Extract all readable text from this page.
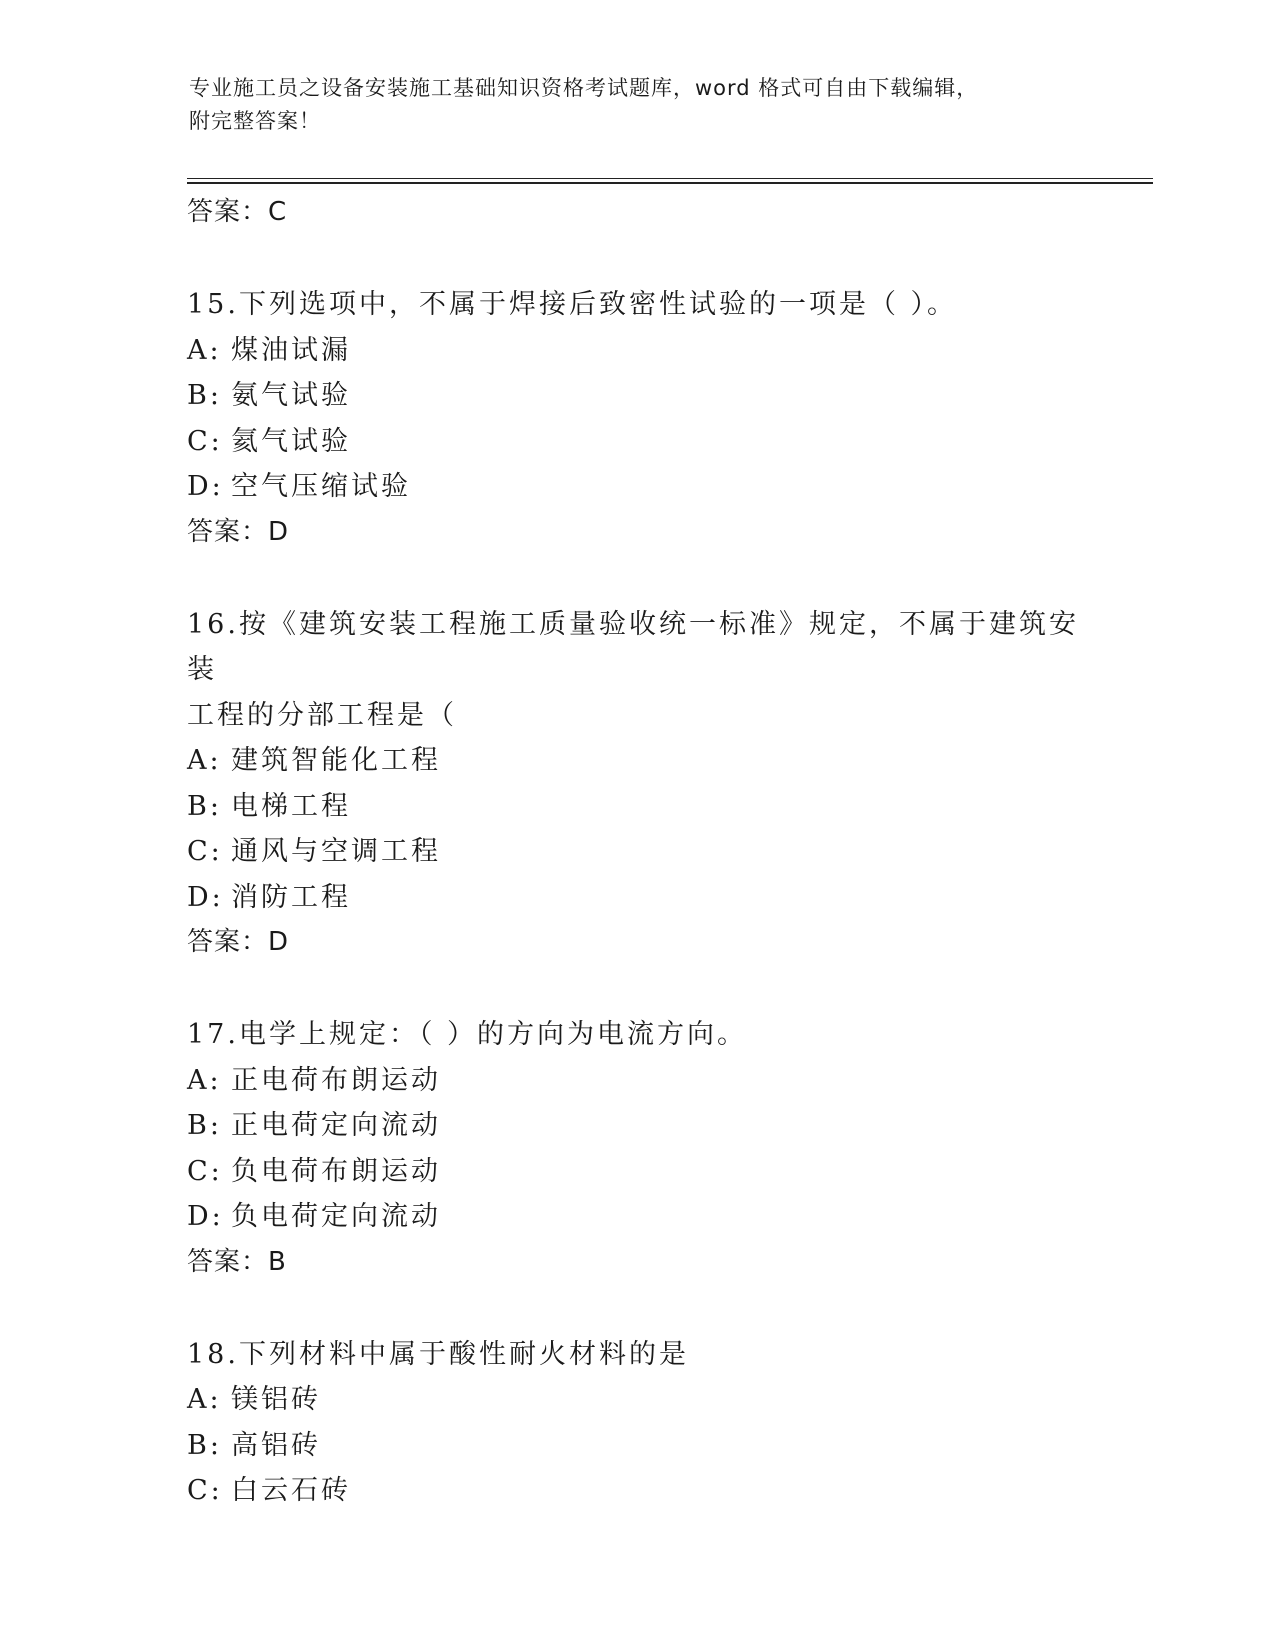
专业施工员之设备安装施工基础知识资格考试题库，word 格式可自由下载编辑，
附完整答案！
答案：C
15.下列选项中，不属于焊接后致密性试验的一项是（ ）。
A: 煤油试漏
B: 氨气试验
C: 氦气试验
D: 空气压缩试验
答案：D
16.按《建筑安装工程施工质量验收统一标准》规定，不属于建筑安装
工程的分部工程是（
A: 建筑智能化工程
B: 电梯工程
C: 通风与空调工程
D: 消防工程
答案：D
17.电学上规定：（ ）的方向为电流方向。
A: 正电荷布朗运动
B: 正电荷定向流动
C: 负电荷布朗运动
D: 负电荷定向流动
答案：B
18.下列材料中属于酸性耐火材料的是
A: 镁铝砖
B: 高铝砖
C: 白云石砖
